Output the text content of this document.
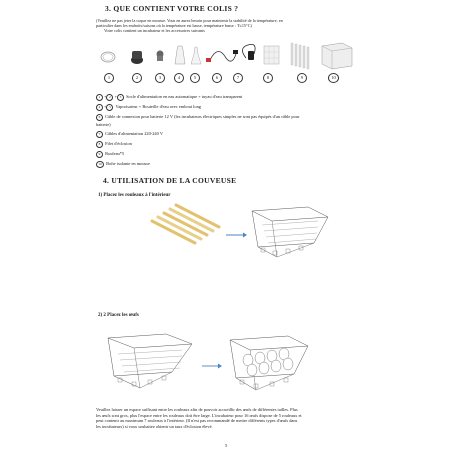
3. QUE CONTIENT VOTRE COLIS ?
(Veuillez ne pas jeter la coque en mousse. Vous en aurez besoin pour maintenir la stabilité de la température, en
particulier dans les endroits/saisons où la température est basse, température basse : T≤15°C)
Votre colis contient un incubateur et les accessoires suivants
1	2	3	4	5	6	7	8	9	10
1 + 2 + 3 Socle d'alimentation en eau automatique + tuyau d'eau transparent
4 + 5 Vaporisateur + Bouteille d'eau avec embout long
6 Câble de connexion pour batterie 12 V (les incubateurs électriques simples ne sont pas équipés d'un câble pour
batterie)
7 Câbles d'alimentation 220-240 V
8 Filet d'éclosion
9 Rouleau*5
10 Boîte isolante en mousse
4. UTILISATION DE LA COUVEUSE
1) Placez les rouleaux à l'intérieur
2) 2 Placez les œufs
Veuillez laisser un espace suffisant entre les rouleaux afin de pouvoir accueillir des œufs de différentes tailles. Plus
les œufs sont gros, plus l'espace entre les rouleaux doit être large. L'incubateur pour 16 œufs dispose de 5 rouleaux et
peut contenir au maximum 7 rouleaux à l'intérieur. (Il n'est pas recommandé de mettre différents types d'œufs dans
les incubateurs) si vous souhaitez obtenir un taux d'éclosion élevé.
5
